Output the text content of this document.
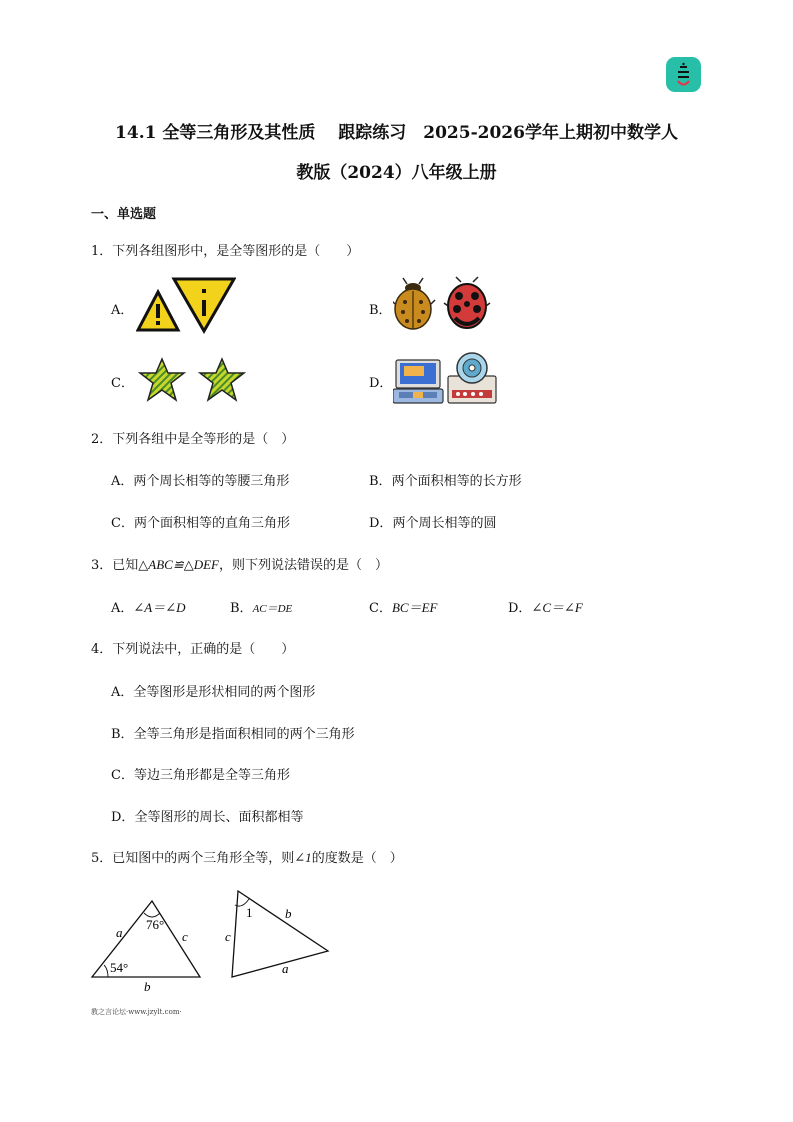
14.1 全等三角形及其性质　 跟踪练习　2025-2026学年上期初中数学人
教版（2024）八年级上册
一、单选题
1．下列各组图形中，是全等图形的是（　　）
A．	B．
C．	D．
2．下列各组中是全等形的是（　）
A．两个周长相等的等腰三角形	B．两个面积相等的长方形
C．两个面积相等的直角三角形	D．两个周长相等的圆
3．已知△ABC≌△DEF，则下列说法错误的是（　）
A．∠A＝∠D	B．AC＝DE	C．BC＝EF	D．∠C＝∠F
4．下列说法中，正确的是（　　）
A．全等图形是形状相同的两个图形
B．全等三角形是指面积相同的两个三角形
C．等边三角形都是全等三角形
D．全等图形的周长、面积都相等
5．已知图中的两个三角形全等，则∠1的度数是（　）
a	c
b
76°
54°
1	b
c
a
教之言论坛·www.jzylt.com·
